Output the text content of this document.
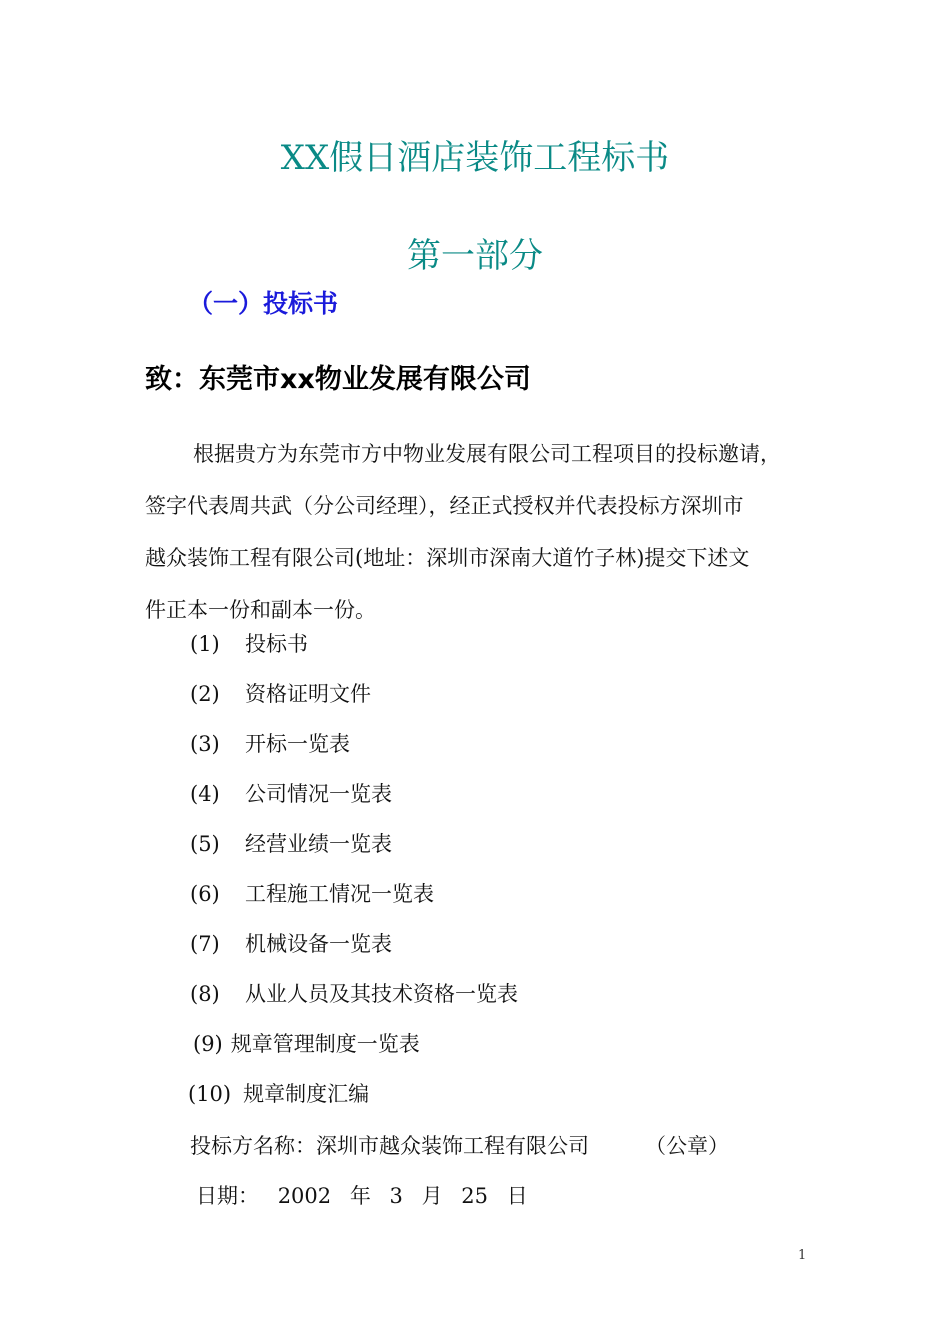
XX假日酒店装饰工程标书
第一部分
（一）投标书
致：东莞市xx物业发展有限公司
根据贵方为东莞市方中物业发展有限公司工程项目的投标邀请，
签字代表周共武（分公司经理），经正式授权并代表投标方深圳市
越众装饰工程有限公司(地址：深圳市深南大道竹子林)提交下述文
件正本一份和副本一份。
(1) 投标书
(2) 资格证明文件
(3) 开标一览表
(4) 公司情况一览表
(5) 经营业绩一览表
(6) 工程施工情况一览表
(7) 机械设备一览表
(8) 从业人员及其技术资格一览表
(9) 规章管理制度一览表
(10) 规章制度汇编
投标方名称：深圳市越众装饰工程有限公司	（公章）
日期： 2002 年 3 月 25 日
1
